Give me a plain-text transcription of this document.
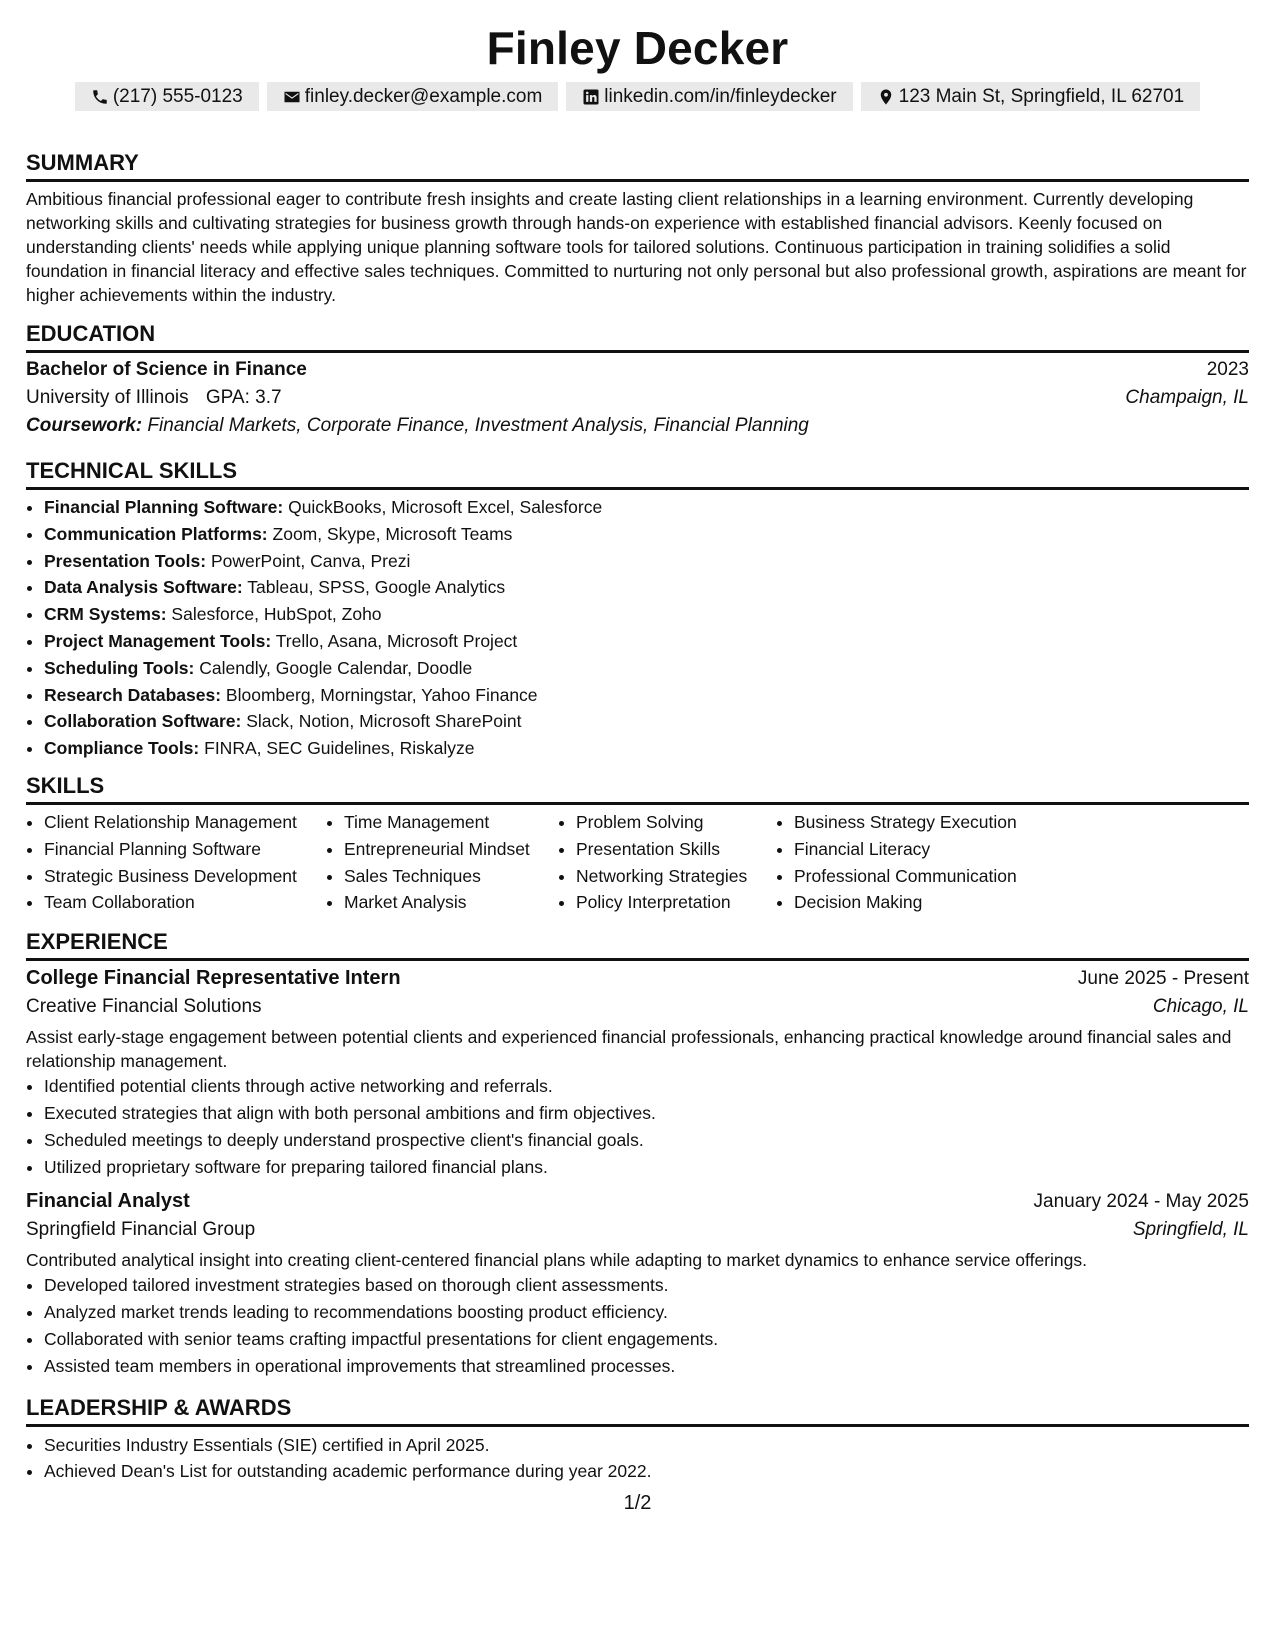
Finley Decker
(217) 555-0123	finley.decker@example.com	linkedin.com/in/finleydecker	123 Main St, Springfield, IL 62701
SUMMARY
Ambitious financial professional eager to contribute fresh insights and create lasting client relationships in a learning environment. Currently developing networking skills and cultivating strategies for business growth through hands-on experience with established financial advisors. Keenly focused on understanding clients' needs while applying unique planning software tools for tailored solutions. Continuous participation in training solidifies a solid foundation in financial literacy and effective sales techniques. Committed to nurturing not only personal but also professional growth, aspirations are meant for higher achievements within the industry.
EDUCATION
Bachelor of Science in Finance	2023
University of Illinois GPA: 3.7	Champaign, IL
Coursework: Financial Markets, Corporate Finance, Investment Analysis, Financial Planning
TECHNICAL SKILLS
• Financial Planning Software: QuickBooks, Microsoft Excel, Salesforce
• Communication Platforms: Zoom, Skype, Microsoft Teams
• Presentation Tools: PowerPoint, Canva, Prezi
• Data Analysis Software: Tableau, SPSS, Google Analytics
• CRM Systems: Salesforce, HubSpot, Zoho
• Project Management Tools: Trello, Asana, Microsoft Project
• Scheduling Tools: Calendly, Google Calendar, Doodle
• Research Databases: Bloomberg, Morningstar, Yahoo Finance
• Collaboration Software: Slack, Notion, Microsoft SharePoint
• Compliance Tools: FINRA, SEC Guidelines, Riskalyze
SKILLS
• Client Relationship Management
• Financial Planning Software
• Strategic Business Development
• Team Collaboration
• Time Management
• Entrepreneurial Mindset
• Sales Techniques
• Market Analysis
• Problem Solving
• Presentation Skills
• Networking Strategies
• Policy Interpretation
• Business Strategy Execution
• Financial Literacy
• Professional Communication
• Decision Making
EXPERIENCE
College Financial Representative Intern	June 2025 - Present
Creative Financial Solutions	Chicago, IL
Assist early-stage engagement between potential clients and experienced financial professionals, enhancing practical knowledge around financial sales and relationship management.
• Identified potential clients through active networking and referrals.
• Executed strategies that align with both personal ambitions and firm objectives.
• Scheduled meetings to deeply understand prospective client's financial goals.
• Utilized proprietary software for preparing tailored financial plans.
Financial Analyst	January 2024 - May 2025
Springfield Financial Group	Springfield, IL
Contributed analytical insight into creating client-centered financial plans while adapting to market dynamics to enhance service offerings.
• Developed tailored investment strategies based on thorough client assessments.
• Analyzed market trends leading to recommendations boosting product efficiency.
• Collaborated with senior teams crafting impactful presentations for client engagements.
• Assisted team members in operational improvements that streamlined processes.
LEADERSHIP & AWARDS
• Securities Industry Essentials (SIE) certified in April 2025.
• Achieved Dean's List for outstanding academic performance during year 2022.
1/2
